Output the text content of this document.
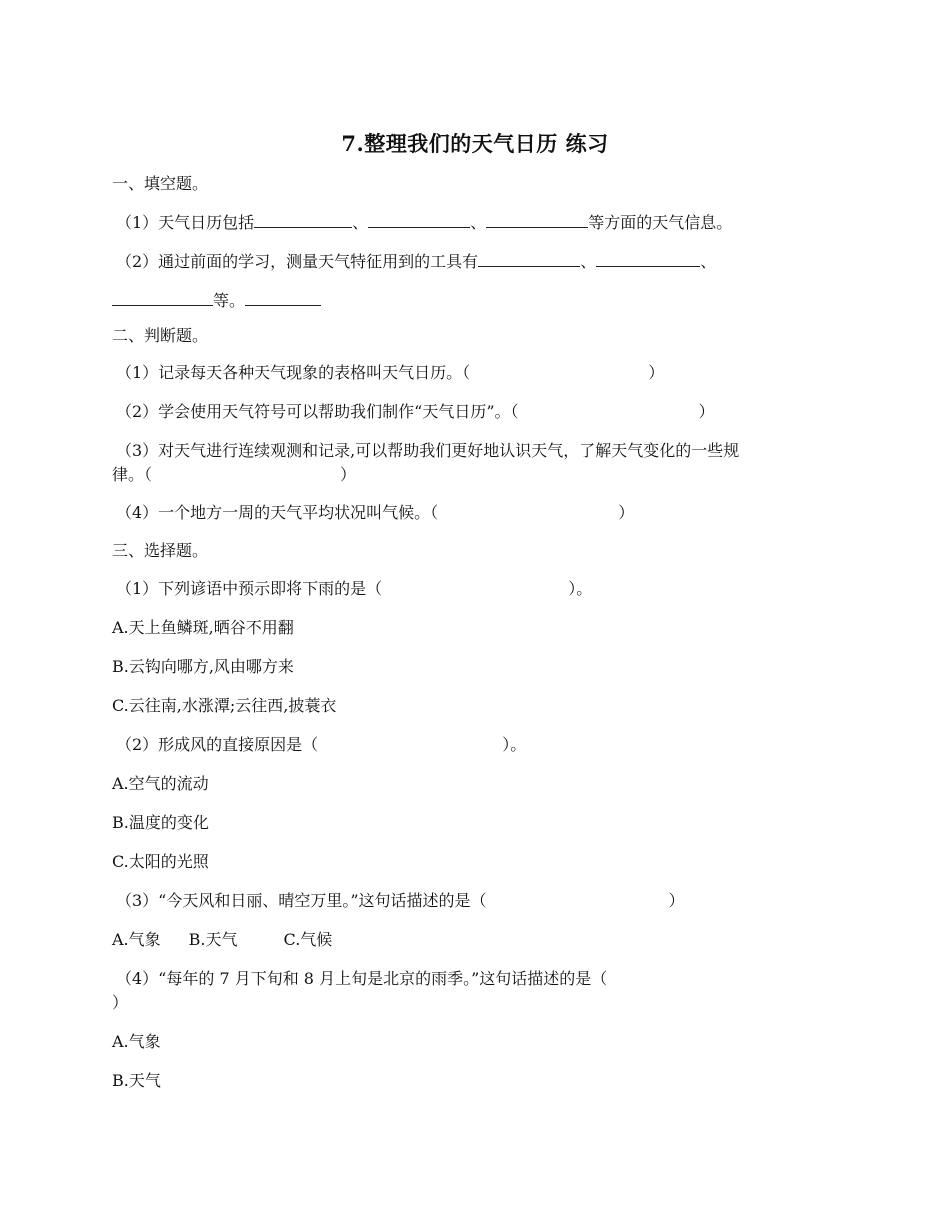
7.整理我们的天气日历 练习
一、填空题。
（1）天气日历包括	、	、	等方面的天气信息。
（2）通过前面的学习，测量天气特征用到的工具有	、	、
等。
二、判断题。
（1）记录每天各种天气现象的表格叫天气日历。（	）
（2）学会使用天气符号可以帮助我们制作“天气日历”。（	）
（3）对天气进行连续观测和记录,可以帮助我们更好地认识天气，了解天气变化的一些规
律。（	）
（4）一个地方一周的天气平均状况叫气候。（	）
三、选择题。
（1）下列谚语中预示即将下雨的是（	）。
A.天上鱼鳞斑,晒谷不用翻
B.云钩向哪方,风由哪方来
C.云往南,水涨潭;云往西,披蓑衣
（2）形成风的直接原因是（	）。
A.空气的流动
B.温度的变化
C.太阳的光照
（3）“今天风和日丽、晴空万里。”这句话描述的是（	）
A.气象 B.天气	C.气候
（4）“每年的 7 月下旬和 8 月上旬是北京的雨季。”这句话描述的是（
）
A.气象
B.天气
